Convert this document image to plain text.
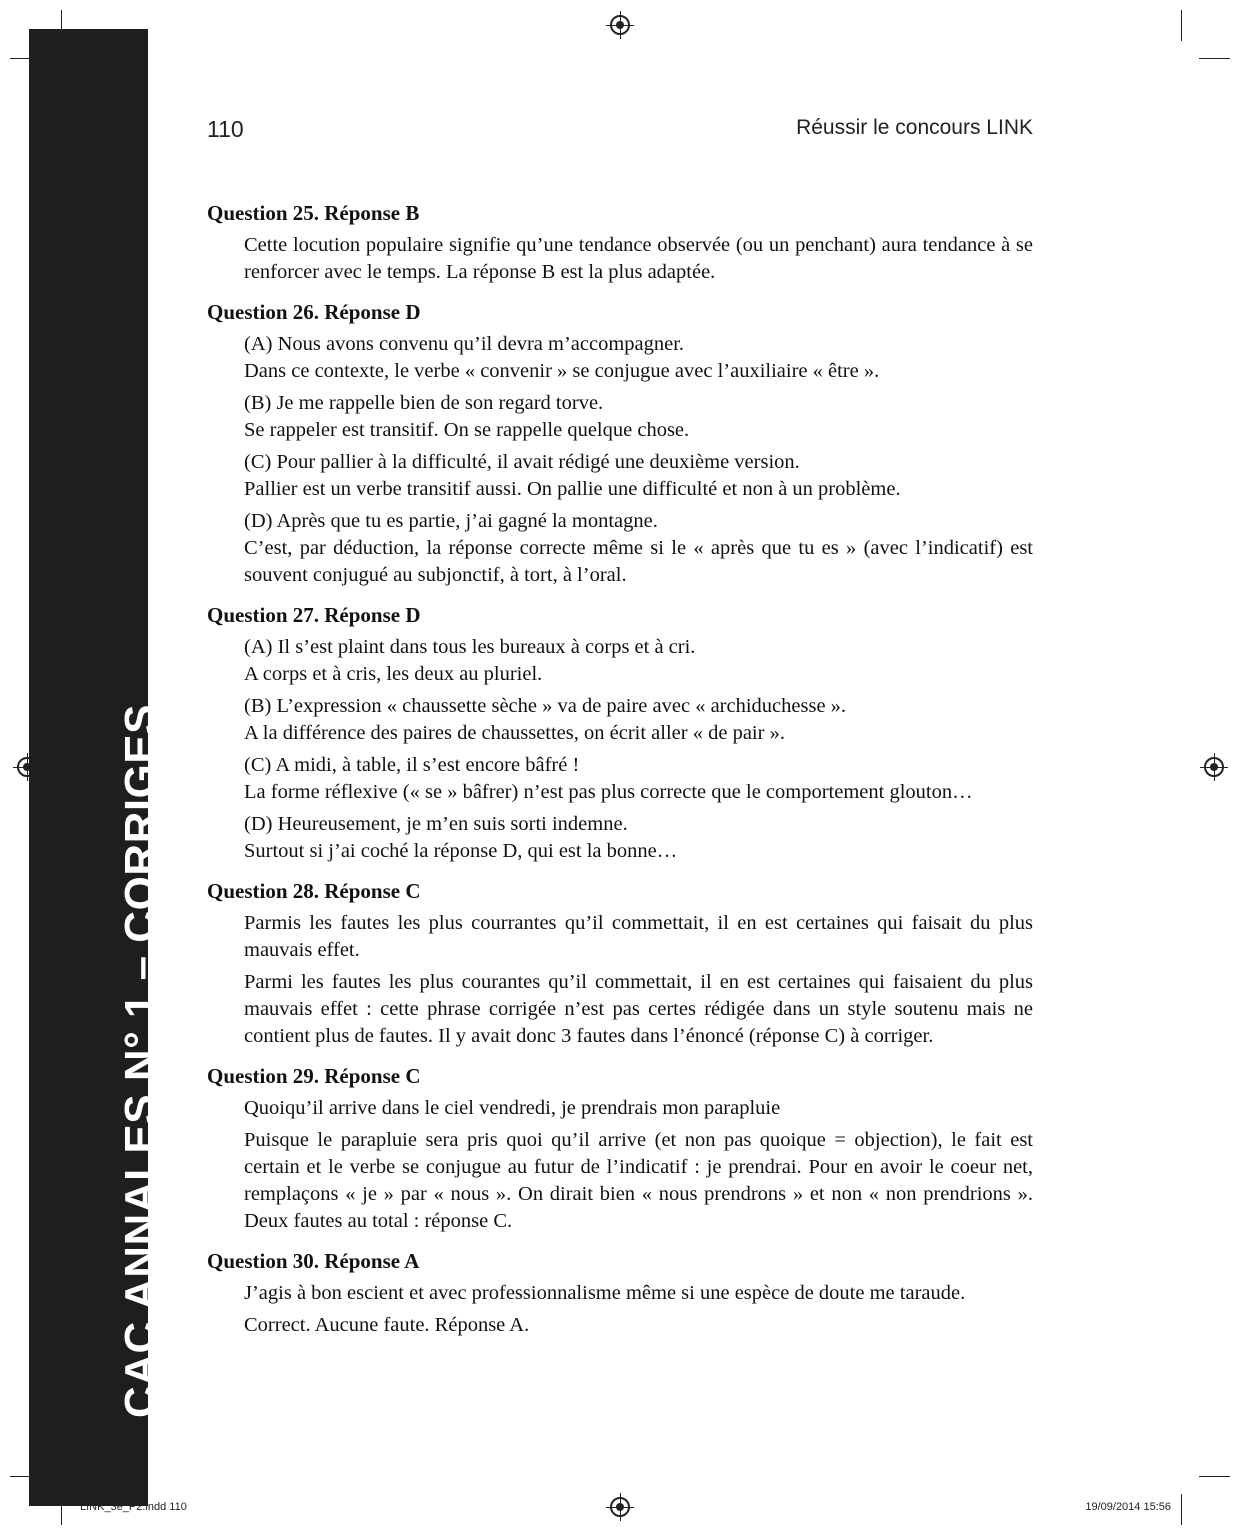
CAC ANNALES N° 1 – CORRIGES
110	Réussir le concours LINK
Question 25. Réponse B
Cette locution populaire signifie qu’une tendance observée (ou un penchant) aura tendance à se renforcer avec le temps. La réponse B est la plus adaptée.
Question 26. Réponse D
(A) Nous avons convenu qu’il devra m’accompagner.
Dans ce contexte, le verbe « convenir » se conjugue avec l’auxiliaire « être ».
(B) Je me rappelle bien de son regard torve.
Se rappeler est transitif. On se rappelle quelque chose.
(C) Pour pallier à la difficulté, il avait rédigé une deuxième version.
Pallier est un verbe transitif aussi. On pallie une difficulté et non à un problème.
(D) Après que tu es partie, j’ai gagné la montagne.
C’est, par déduction, la réponse correcte même si le « après que tu es » (avec l’indicatif) est souvent conjugué au subjonctif, à tort, à l’oral.
Question 27. Réponse D
(A) Il s’est plaint dans tous les bureaux à corps et à cri.
A corps et à cris, les deux au pluriel.
(B) L’expression « chaussette sèche » va de paire avec « archiduchesse ».
A la différence des paires de chaussettes, on écrit aller « de pair ».
(C) A midi, à table, il s’est encore bâfré !
La forme réflexive (« se » bâfrer) n’est pas plus correcte que le comportement glouton…
(D) Heureusement, je m’en suis sorti indemne.
Surtout si j’ai coché la réponse D, qui est la bonne…
Question 28. Réponse C
Parmis les fautes les plus courrantes qu’il commettait, il en est certaines qui faisait du plus mauvais effet.
Parmi les fautes les plus courantes qu’il commettait, il en est certaines qui faisaient du plus mauvais effet : cette phrase corrigée n’est pas certes rédigée dans un style soutenu mais ne contient plus de fautes. Il y avait donc 3 fautes dans l’énoncé (réponse C) à corriger.
Question 29. Réponse C
Quoiqu’il arrive dans le ciel vendredi, je prendrais mon parapluie
Puisque le parapluie sera pris quoi qu’il arrive (et non pas quoique = objection), le fait est certain et le verbe se conjugue au futur de l’indicatif : je prendrai. Pour en avoir le coeur net, remplaçons « je » par « nous ». On dirait bien « nous prendrons » et non « non prendrions ». Deux fautes au total : réponse C.
Question 30. Réponse A
J’agis à bon escient et avec professionnalisme même si une espèce de doute me taraude.
Correct. Aucune faute. Réponse A.
LINK_3e_P2.indd 110	19/09/2014 15:56
